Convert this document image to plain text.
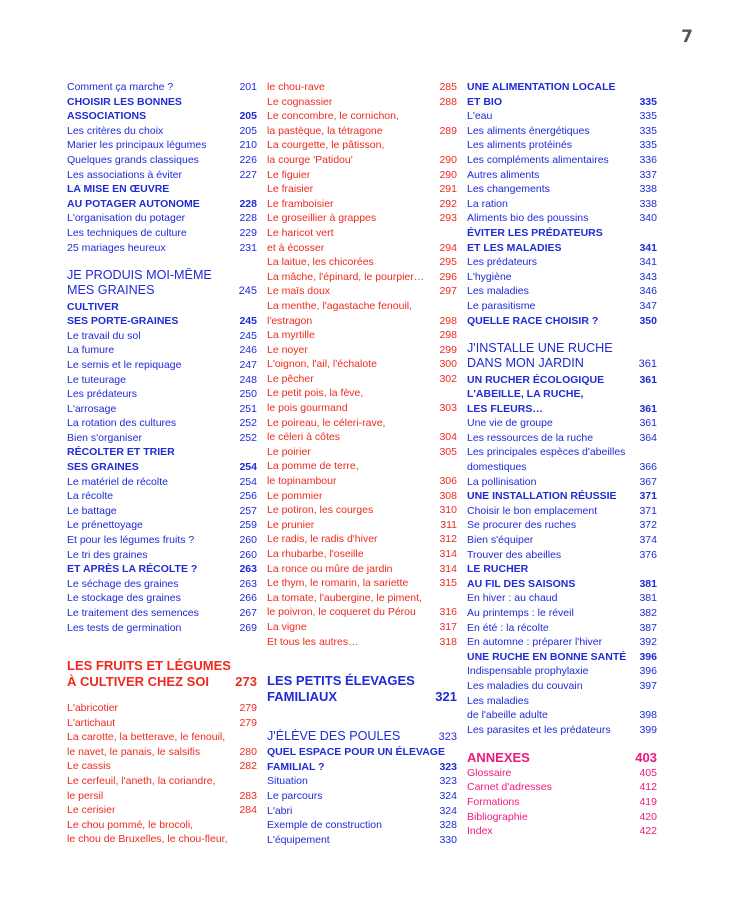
7
Comment ça marche ?	201
CHOISIR LES BONNES
ASSOCIATIONS	205
Les critères du choix	205
Marier les principaux légumes	210
Quelques grands classiques	226
Les associations à éviter	227
LA MISE EN ŒUVRE
AU POTAGER AUTONOME	228
L'organisation du potager	228
Les techniques de culture	229
25 mariages heureux	231
JE PRODUIS MOI-MÊME
MES GRAINES	245
CULTIVER
SES PORTE-GRAINES	245
Le travail du sol	245
La fumure	246
Le semis et le repiquage	247
Le tuteurage	248
Les prédateurs	250
L'arrosage	251
La rotation des cultures	252
Bien s'organiser	252
RÉCOLTER ET TRIER
SES GRAINES	254
Le matériel de récolte	254
La récolte	256
Le battage	257
Le prénettoyage	259
Et pour les légumes fruits ?	260
Le tri des graines	260
ET APRÈS LA RÉCOLTE ?	263
Le séchage des graines	263
Le stockage des graines	266
Le traitement des semences	267
Les tests de germination	269
LES FRUITS ET LÉGUMES
À CULTIVER CHEZ SOI	273
L'abricotier	279
L'artichaut	279
La carotte, la betterave, le fenouil,
le navet, le panais, le salsifis	280
Le cassis	282
Le cerfeuil, l'aneth, la coriandre,
le persil	283
Le cerisier	284
Le chou pommé, le brocoli,
le chou de Bruxelles, le chou-fleur,
le chou-rave	285
Le cognassier	288
Le concombre, le cornichon,
la pastèque, la tétragone	289
La courgette, le pâtisson,
la courge 'Patidou'	290
Le figuier	290
Le fraisier	291
Le framboisier	292
Le groseillier à grappes	293
Le haricot vert
et à écosser	294
La laitue, les chicorées	295
La mâche, l'épinard, le pourpier…	296
Le maïs doux	297
La menthe, l'agastache fenouil,
l'estragon	298
La myrtille	298
Le noyer	299
L'oignon, l'ail, l'échalote	300
Le pêcher	302
Le petit pois, la fève,
le pois gourmand	303
Le poireau, le céleri-rave,
le céleri à côtes	304
Le poirier	305
La pomme de terre,
le topinambour	306
Le pommier	308
Le potiron, les courges	310
Le prunier	311
Le radis, le radis d'hiver	312
La rhubarbe, l'oseille	314
La ronce ou mûre de jardin	314
Le thym, le romarin, la sariette	315
La tomate, l'aubergine, le piment,
le poivron, le coqueret du Pérou	316
La vigne	317
Et tous les autres…	318
LES PETITS ÉLEVAGES
FAMILIAUX	321
J'ÉLÈVE DES POULES	323
QUEL ESPACE POUR UN ÉLEVAGE
FAMILIAL ?	323
Situation	323
Le parcours	324
L'abri	324
Exemple de construction	328
L'équipement	330
UNE ALIMENTATION LOCALE
ET BIO	335
L'eau	335
Les aliments énergétiques	335
Les aliments protéinés	335
Les compléments alimentaires	336
Autres aliments	337
Les changements	338
La ration	338
Aliments bio des poussins	340
ÉVITER LES PRÉDATEURS
ET LES MALADIES	341
Les prédateurs	341
L'hygiène	343
Les maladies	346
Le parasitisme	347
QUELLE RACE CHOISIR ?	350
J'INSTALLE UNE RUCHE
DANS MON JARDIN	361
UN RUCHER ÉCOLOGIQUE	361
L'ABEILLE, LA RUCHE,
LES FLEURS…	361
Une vie de groupe	361
Les ressources de la ruche	364
Les principales espèces d'abeilles
domestiques	366
La pollinisation	367
UNE INSTALLATION RÉUSSIE	371
Choisir le bon emplacement	371
Se procurer des ruches	372
Bien s'équiper	374
Trouver des abeilles	376
LE RUCHER
AU FIL DES SAISONS	381
En hiver : au chaud	381
Au printemps : le réveil	382
En été : la récolte	387
En automne : préparer l'hiver	392
UNE RUCHE EN BONNE SANTÉ	396
Indispensable prophylaxie	396
Les maladies du couvain	397
Les maladies
de l'abeille adulte	398
Les parasites et les prédateurs	399
ANNEXES	403
Glossaire	405
Carnet d'adresses	412
Formations	419
Bibliographie	420
Index	422
